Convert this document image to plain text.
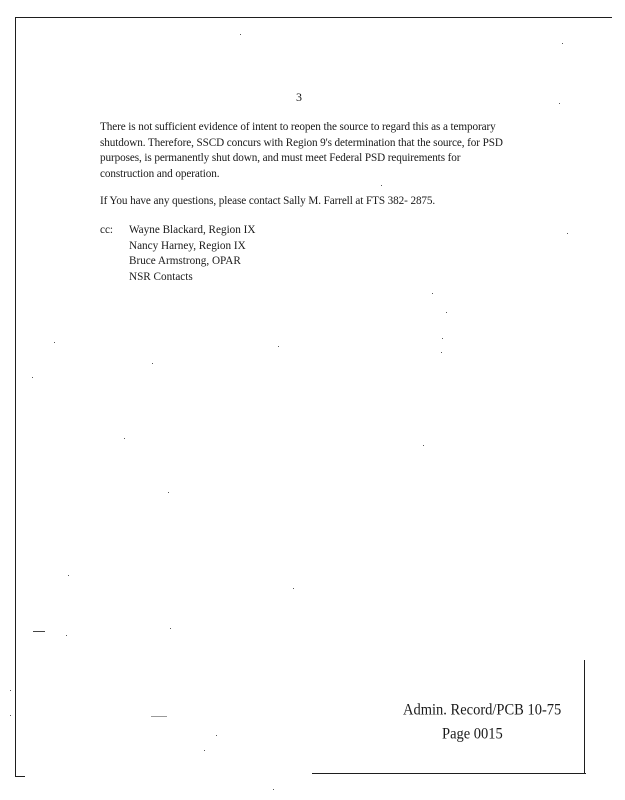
3

There is not sufficient evidence of intent to reopen the source to regard this as a temporary shutdown. Therefore, SSCD concurs with Region 9's determination that the source, for PSD purposes, is permanently shut down, and must meet Federal PSD requirements for construction and operation.

If You have any questions, please contact Sally M. Farrell at FTS 382- 2875.

cc:	Wayne Blackard, Region IX
Nancy Harney, Region IX
Bruce Armstrong, OPAR
NSR Contacts
Admin. Record/PCB 10-75
Page 0015
